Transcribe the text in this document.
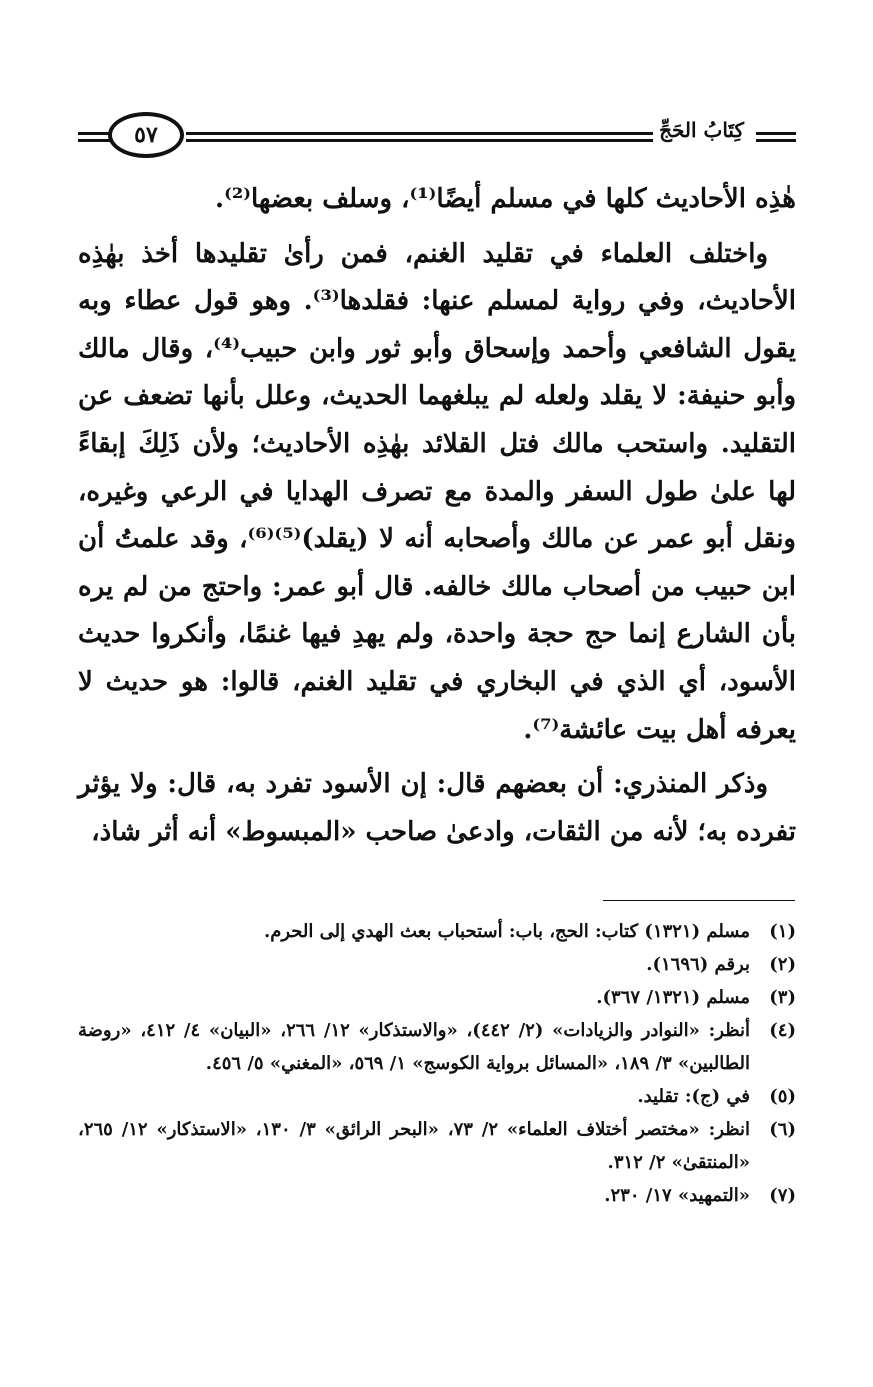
٥٧	كِتَابُ الحَجِّ

هٰذِه الأحاديث كلها في مسلم أيضًا⁽¹⁾، وسلف بعضها⁽²⁾.

واختلف العلماء في تقليد الغنم، فمن رأىٰ تقليدها أخذ بهٰذِه الأحاديث، وفي رواية لمسلم عنها: فقلدها⁽³⁾. وهو قول عطاء وبه يقول الشافعي وأحمد وإسحاق وأبو ثور وابن حبيب⁽⁴⁾، وقال مالك وأبو حنيفة: لا يقلد ولعله لم يبلغهما الحديث، وعلل بأنها تضعف عن التقليد. واستحب مالك فتل القلائد بهٰذِه الأحاديث؛ ولأن ذَلِكَ إبقاءً لها علىٰ طول السفر والمدة مع تصرف الهدايا في الرعي وغيره، ونقل أبو عمر عن مالك وأصحابه أنه لا (يقلد)⁽⁵⁾⁽⁶⁾، وقد علمتُ أن ابن حبيب من أصحاب مالك خالفه. قال أبو عمر: واحتج من لم يره بأن الشارع إنما حج حجة واحدة، ولم يهدِ فيها غنمًا، وأنكروا حديث الأسود، أي الذي في البخاري في تقليد الغنم، قالوا: هو حديث لا يعرفه أهل بيت عائشة⁽⁷⁾.

وذكر المنذري: أن بعضهم قال: إن الأسود تفرد به، قال: ولا يؤثر تفرده به؛ لأنه من الثقات، وادعىٰ صاحب «المبسوط» أنه أثر شاذ،

(١)
مسلم (١٣٢١) كتاب: الحج، باب: أستحباب بعث الهدي إلى الحرم.
(٢)
برقم (١٦٩٦).
(٣)
مسلم (١٣٢١/ ٣٦٧).
(٤)
أنظر: «النوادر والزيادات» (٢/ ٤٤٢)، «والاستذكار» ١٢/ ٢٦٦، «البيان» ٤/ ٤١٢، «روضة الطالبين» ٣/ ١٨٩، «المسائل برواية الكوسج» ١/ ٥٦٩، «المغني» ٥/ ٤٥٦.
(٥)
في (ج): تقليد.
(٦)
انظر: «مختصر أختلاف العلماء» ٢/ ٧٣، «البحر الرائق» ٣/ ١٣٠، «الاستذكار» ١٢/ ٢٦٥، «المنتقىٰ» ٢/ ٣١٢.
(٧)
«التمهيد» ١٧/ ٢٣٠.
